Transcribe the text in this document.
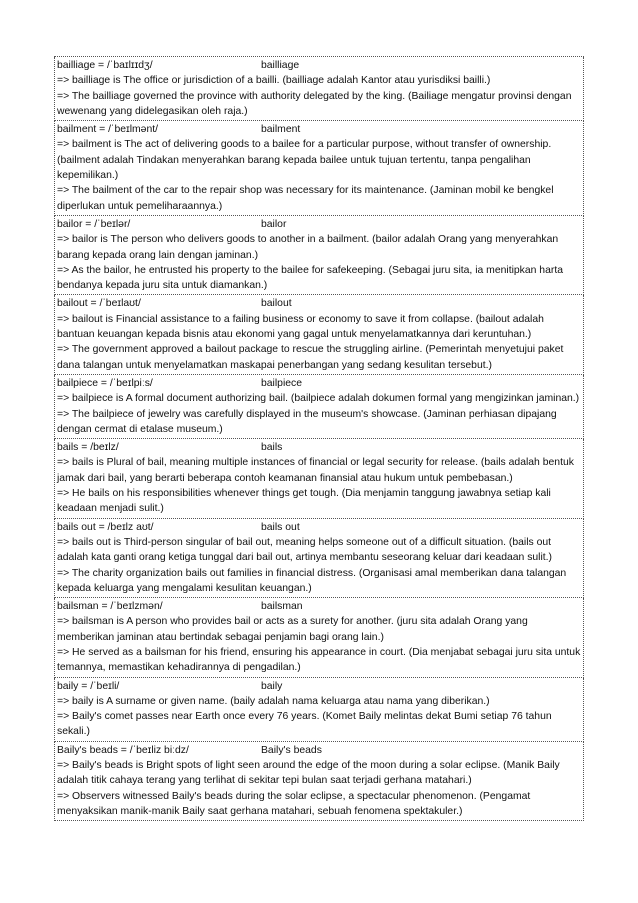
bailliage = /ˈbaɪlɪɪdʒ/	bailliage
=> bailliage is The office or jurisdiction of a bailli. (bailliage adalah Kantor atau yurisdiksi bailli.)
=> The bailliage governed the province with authority delegated by the king. (Bailiage mengatur provinsi dengan wewenang yang didelegasikan oleh raja.)
bailment = /ˈbeɪlmənt/	bailment
=> bailment is The act of delivering goods to a bailee for a particular purpose, without transfer of ownership. (bailment adalah Tindakan menyerahkan barang kepada bailee untuk tujuan tertentu, tanpa pengalihan kepemilikan.)
=> The bailment of the car to the repair shop was necessary for its maintenance. (Jaminan mobil ke bengkel diperlukan untuk pemeliharaannya.)
bailor = /ˈbeɪlər/	bailor
=> bailor is The person who delivers goods to another in a bailment. (bailor adalah Orang yang menyerahkan barang kepada orang lain dengan jaminan.)
=> As the bailor, he entrusted his property to the bailee for safekeeping. (Sebagai juru sita, ia menitipkan harta bendanya kepada juru sita untuk diamankan.)
bailout = /ˈbeɪlaʊt/	bailout
=> bailout is Financial assistance to a failing business or economy to save it from collapse. (bailout adalah bantuan keuangan kepada bisnis atau ekonomi yang gagal untuk menyelamatkannya dari keruntuhan.)
=> The government approved a bailout package to rescue the struggling airline. (Pemerintah menyetujui paket dana talangan untuk menyelamatkan maskapai penerbangan yang sedang kesulitan tersebut.)
bailpiece = /ˈbeɪlpiːs/	bailpiece
=> bailpiece is A formal document authorizing bail. (bailpiece adalah dokumen formal yang mengizinkan jaminan.)
=> The bailpiece of jewelry was carefully displayed in the museum's showcase. (Jaminan perhiasan dipajang dengan cermat di etalase museum.)
bails = /beɪlz/	bails
=> bails is Plural of bail, meaning multiple instances of financial or legal security for release. (bails adalah bentuk jamak dari bail, yang berarti beberapa contoh keamanan finansial atau hukum untuk pembebasan.)
=> He bails on his responsibilities whenever things get tough. (Dia menjamin tanggung jawabnya setiap kali keadaan menjadi sulit.)
bails out = /beɪlz aʊt/	bails out
=> bails out is Third-person singular of bail out, meaning helps someone out of a difficult situation. (bails out adalah kata ganti orang ketiga tunggal dari bail out, artinya membantu seseorang keluar dari keadaan sulit.)
=> The charity organization bails out families in financial distress. (Organisasi amal memberikan dana talangan kepada keluarga yang mengalami kesulitan keuangan.)
bailsman = /ˈbeɪlzmən/	bailsman
=> bailsman is A person who provides bail or acts as a surety for another. (juru sita adalah Orang yang memberikan jaminan atau bertindak sebagai penjamin bagi orang lain.)
=> He served as a bailsman for his friend, ensuring his appearance in court. (Dia menjabat sebagai juru sita untuk temannya, memastikan kehadirannya di pengadilan.)
baily = /ˈbeɪli/	baily
=> baily is A surname or given name. (baily adalah nama keluarga atau nama yang diberikan.)
=> Baily's comet passes near Earth once every 76 years. (Komet Baily melintas dekat Bumi setiap 76 tahun sekali.)
Baily's beads = /ˈbeɪliz biːdz/	Baily's beads
=> Baily's beads is Bright spots of light seen around the edge of the moon during a solar eclipse. (Manik Baily adalah titik cahaya terang yang terlihat di sekitar tepi bulan saat terjadi gerhana matahari.)
=> Observers witnessed Baily's beads during the solar eclipse, a spectacular phenomenon. (Pengamat menyaksikan manik-manik Baily saat gerhana matahari, sebuah fenomena spektakuler.)
